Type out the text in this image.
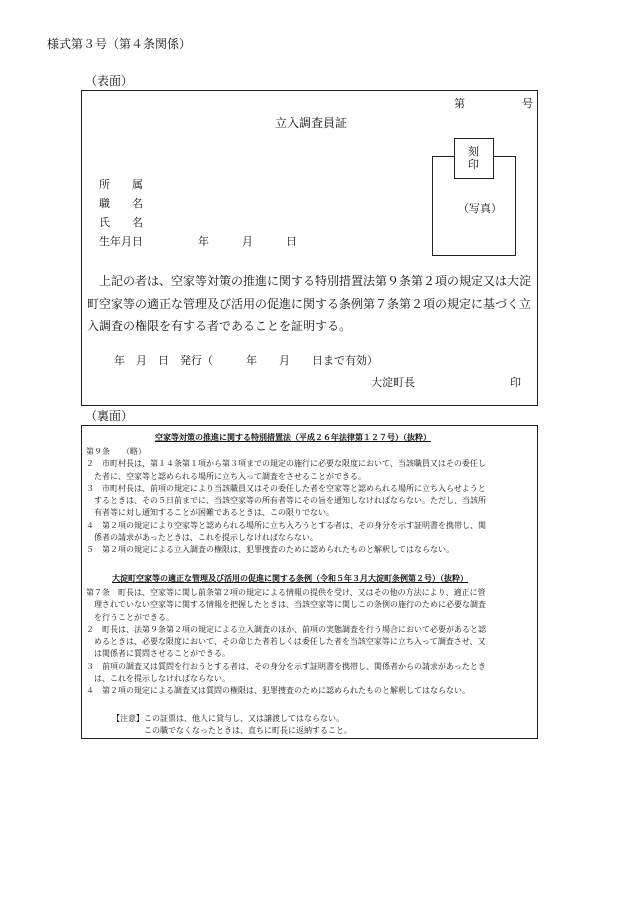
様式第３号（第４条関係）
（表面）
第	号
立入調査員証
（写真）
刻印
所　　属
職　　名
氏　　名
生年月日　　　　　年　　　月　　　日
　上記の者は、空家等対策の推進に関する特別措置法第９条第２項の規定又は大淀
町空家等の適正な管理及び活用の促進に関する条例第７条第２項の規定に基づく立
入調査の権限を有する者であることを証明する。
年　月　日　発行（　　　年　　月　　日まで有効）
大淀町長	印
（裏面）
空家等対策の推進に関する特別措置法（平成２６年法律第１２７号）（抜粋）
第９条　　（略）
２　市町村長は、第１４条第１項から第３項までの規定の施行に必要な限度において、当該職員又はその委任し
　た者に、空家等と認められる場所に立ち入って調査をさせることができる。
３　市町村長は、前項の規定により当該職員又はその委任した者を空家等と認められる場所に立ち入らせようと
　するときは、その５日前までに、当該空家等の所有者等にその旨を通知しなければならない。ただし、当該所
　有者等に対し通知することが困難であるときは、この限りでない。
４　第２項の規定により空家等と認められる場所に立ち入ろうとする者は、その身分を示す証明書を携帯し、関
　係者の請求があったときは、これを提示しなければならない。
５　第２項の規定による立入調査の権限は、犯罪捜査のために認められたものと解釈してはならない。
大淀町空家等の適正な管理及び活用の促進に関する条例（令和５年３月大淀町条例第２号）（抜粋）
第７条　町長は、空家等に関し前条第２項の規定による情報の提供を受け、又はその他の方法により、適正に管
　理されていない空家等に関する情報を把握したときは、当該空家等に関しこの条例の施行のために必要な調査
　を行うことができる。
２　町長は、法第９条第２項の規定による立入調査のほか、前項の実態調査を行う場合において必要があると認
　めるときは、必要な限度において、その命じた者若しくは委任した者を当該空家等に立ち入って調査させ、又
　は関係者に質問させることができる。
３　前項の調査又は質問を行おうとする者は、その身分を示す証明書を携帯し、関係者からの請求があったとき
　は、これを提示しなければならない。
４　第２項の規定による調査又は質問の権限は、犯罪捜査のために認められたものと解釈してはならない。
【注意】この証票は、他人に貸与し、又は譲渡してはならない。
　　　　この職でなくなったときは、直ちに町長に返納すること。
